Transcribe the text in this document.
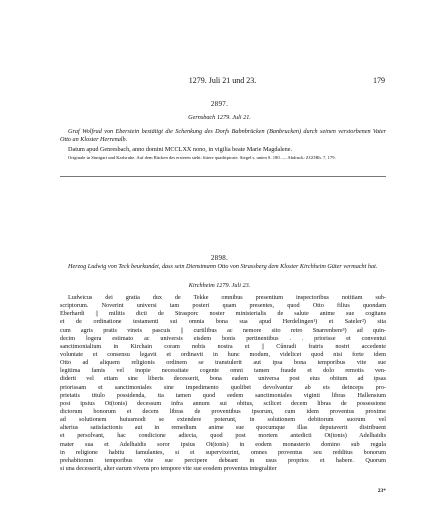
1279. Juli 21 und 23.	179
2897.
Gernsbach 1279. Juli 21.
Graf Wolfrad von Eberstein bestätigt die Schenkung des Dorfs Babnbrücken (Banbrucken) durch seinen verstorbenen Vater Otto an Kloster Herrenalb.
Datum apud Genresbach, anno domini MCCLXX nono, in vigilia beate Marie Magdalene.
Originale in Stuttgart und Karlsruhe. Auf dem Rücken des ersteren steht: littere quadripicate. Siegel s. unten S. 180. — Abdruck: ZGORh. 7, 179.
2898.
Herzog Ludwig von Teck beurkundet, dass sein Dienstmann Otto von Strassberg dem Kloster Kirchheim Güter vermacht hat.
Kirchheim 1279. Juli 23.
Ludwicus dei gratia dux de Tekke omnibus presentium inspectoribus notitiam sub-
scriptorum. Noverint universi tam posteri quam presentes, quod Otto filius quondam
Eberhardi || militis dicti de Strasporc noster ministerialis de salute anime sue cogitans
et de ordinatione testamenti sui omnia bona sua apud Herdelingen¹) et Sateler²) sita
cum agris pratis vineis pascuis || curtilibus ac nemore sito retro Snarrenbere³) ad quin-
decim logera estimato ac universis eisdem bonis pertinentibus . . priorisse et conventui
sanctimonialium in Kirchain coram nobis nostra et || Cůnradi fratris nostri accedente
voluntate et consensu legavit et ordinavit in hunc modum, videlicet quod nisi forte idem
Otto ad aliquem religionis ordinem se transtulerit aut ipsa bona temporibus vite sue
legitima famis vel inopie necessitate cogente omni tamen fraude et dolo remotis ven-
diderit vel etiam sine liberis decesserit, bona eadem universa post eius obitum ad ipsas
priorissam et sanctimoniales sine impedimento quolibet devolvantur ab eis deinceps pro-
prietatis titulo possidenda, ita tamen quod eedem sanctimoniales viginti libras Hallensium
post ipsius Ot(tonis) decessum infra annum sui obitus, scilicet decem libras de possessione
dictorum bonorum et decem libras de proventibus ipsorum, cum idem proventus proxime
ad solutionem huiusmodi se extendere poterunt, in solutionem debitorum suorum vel
alterius satisfactionis aut in remedium anime sue quocumque illas deputaverit distribuent
et persolvant, hac condicione adiecta, quod post mortem antedicti Ot(tonis) Adelhaidis
mater sua et Adelhaidis soror ipsius Ot(tonis) in eodem monasterio domino sub regula
in religione habitu famulantes, si ei supervixerint, omnes proventus seu redditus bonorum
prehabitorum temporibus vite sue percipere debeant in usus proprios et habere. Quorum
si una decesserit, alter earum vivens pro tempore vite sue eosdem proventus integraliter
23*
